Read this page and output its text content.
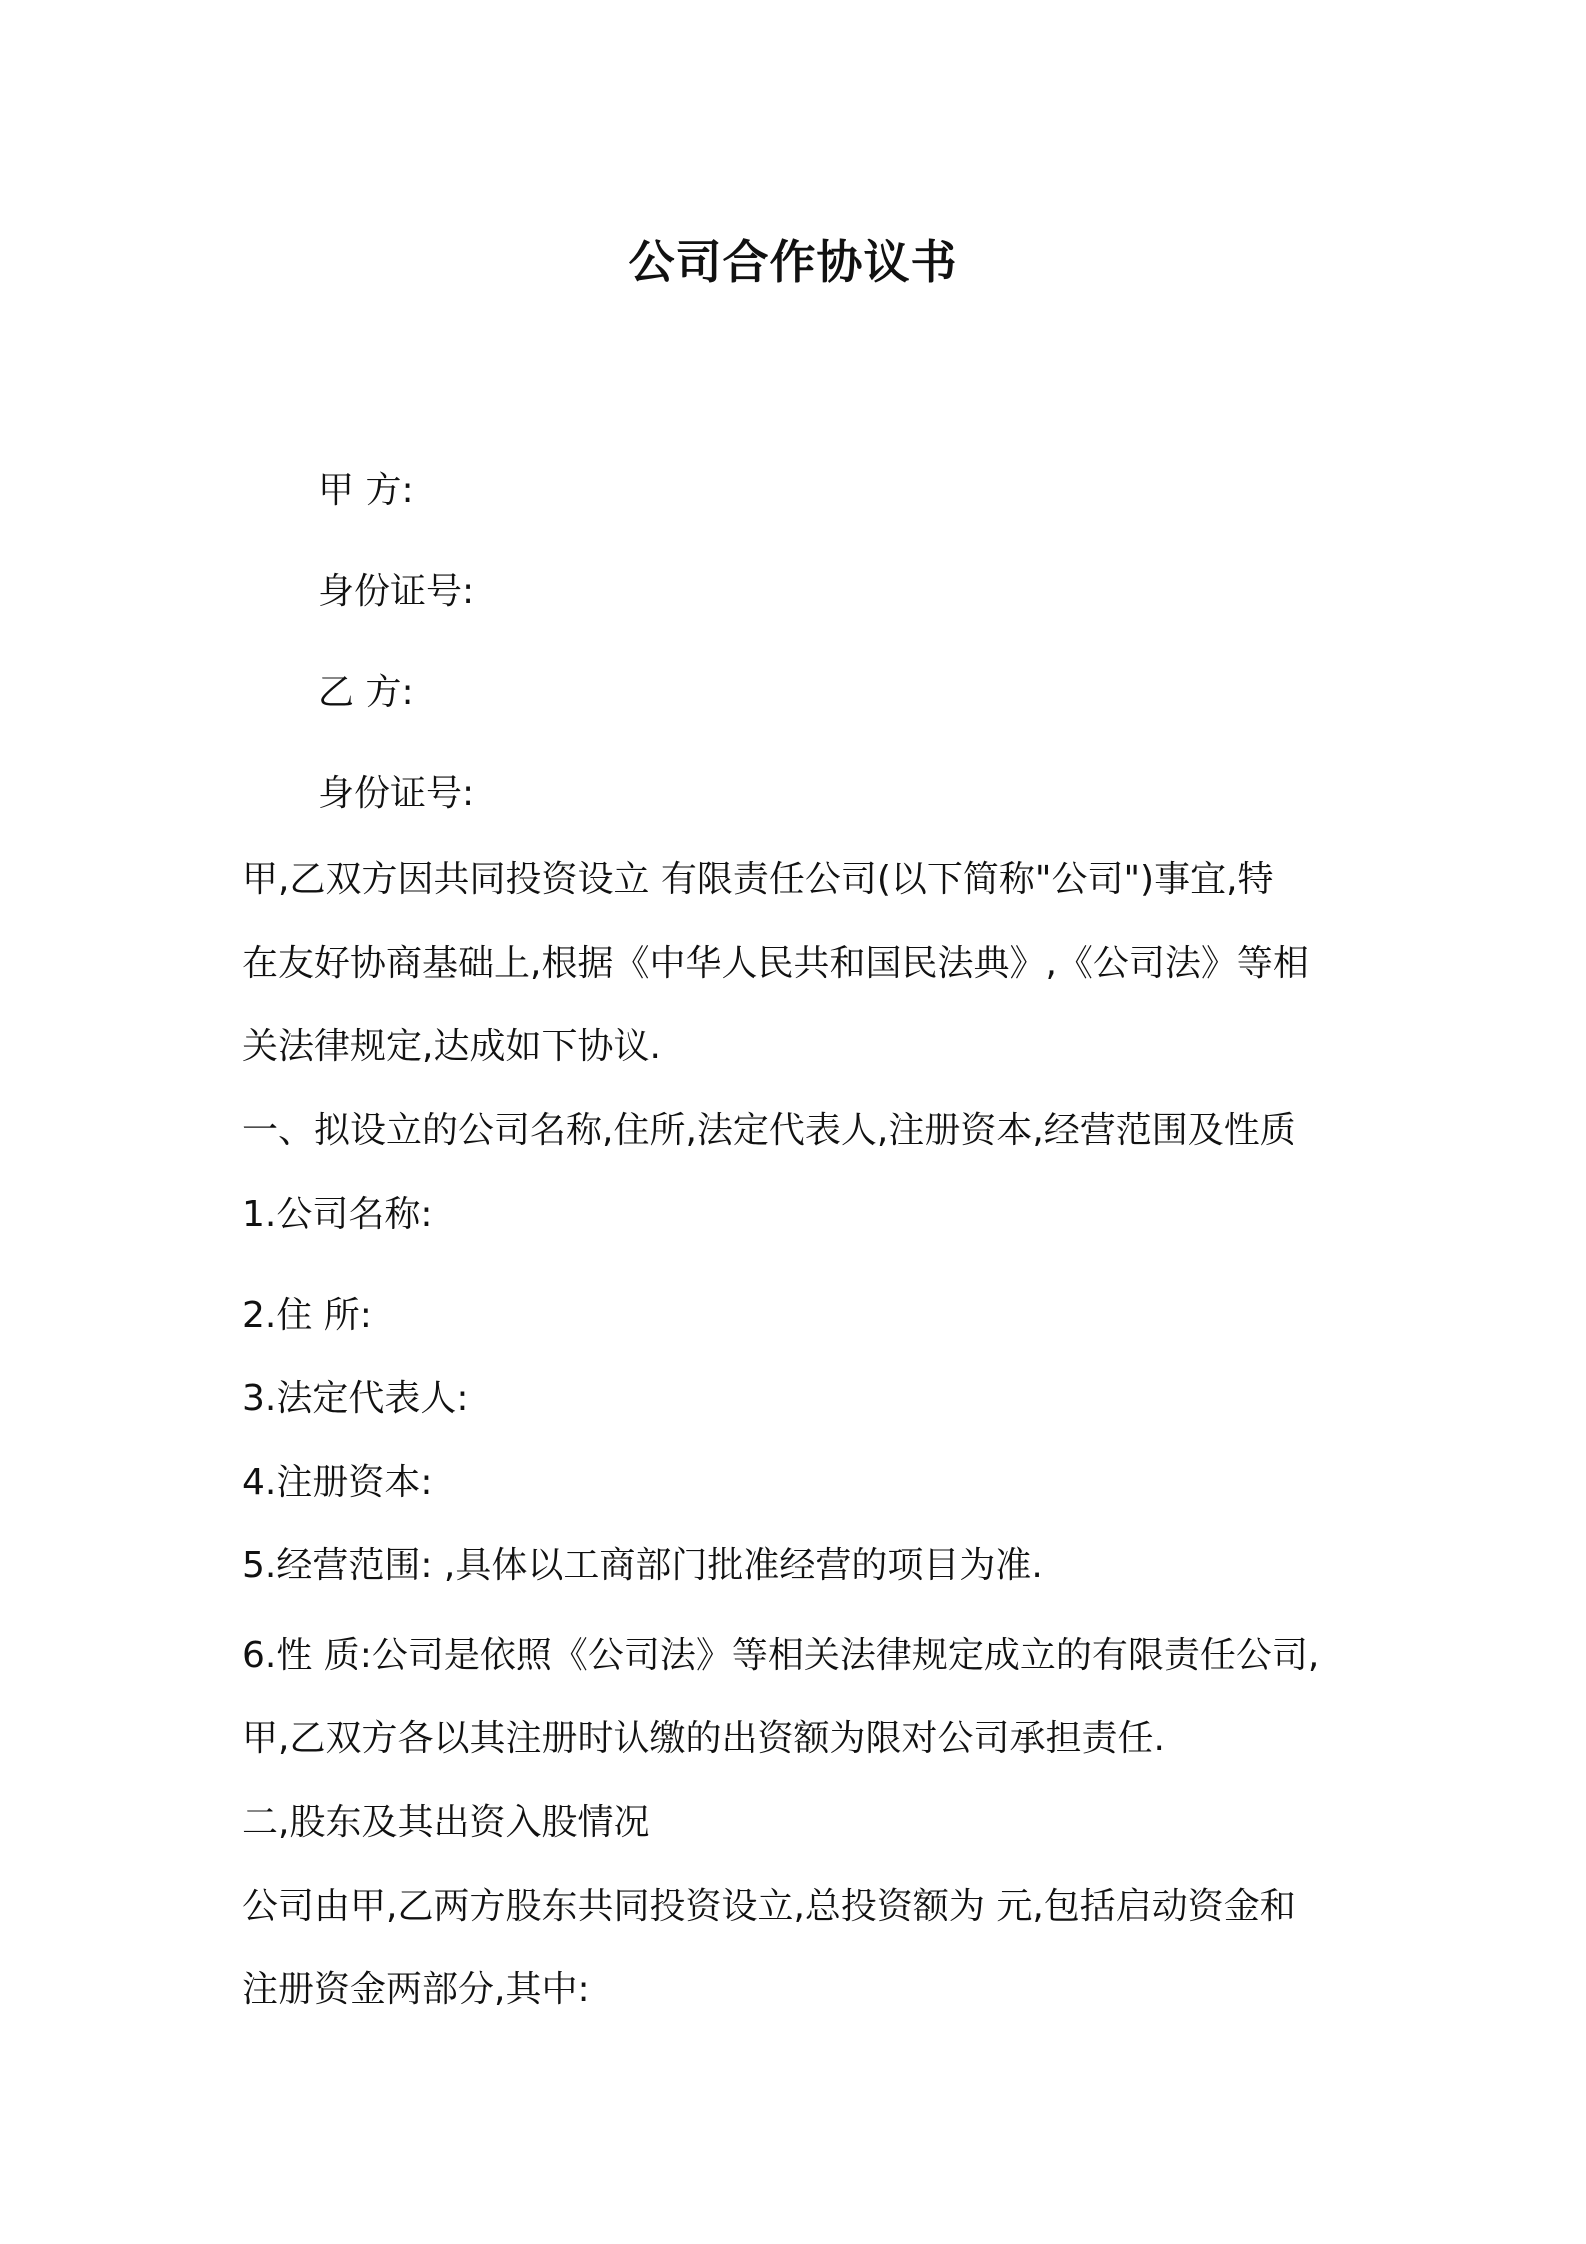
公司合作协议书
甲 方:
身份证号:
乙 方:
身份证号:
甲,乙双方因共同投资设立 有限责任公司(以下简称"公司")事宜,特
在友好协商基础上,根据《中华人民共和国民法典》,《公司法》等相
关法律规定,达成如下协议.
一、拟设立的公司名称,住所,法定代表人,注册资本,经营范围及性质
1.公司名称:
2.住 所:
3.法定代表人:
4.注册资本:
5.经营范围: ,具体以工商部门批准经营的项目为准.
6.性 质:公司是依照《公司法》等相关法律规定成立的有限责任公司,
甲,乙双方各以其注册时认缴的出资额为限对公司承担责任.
二,股东及其出资入股情况
公司由甲,乙两方股东共同投资设立,总投资额为 元,包括启动资金和
注册资金两部分,其中:
